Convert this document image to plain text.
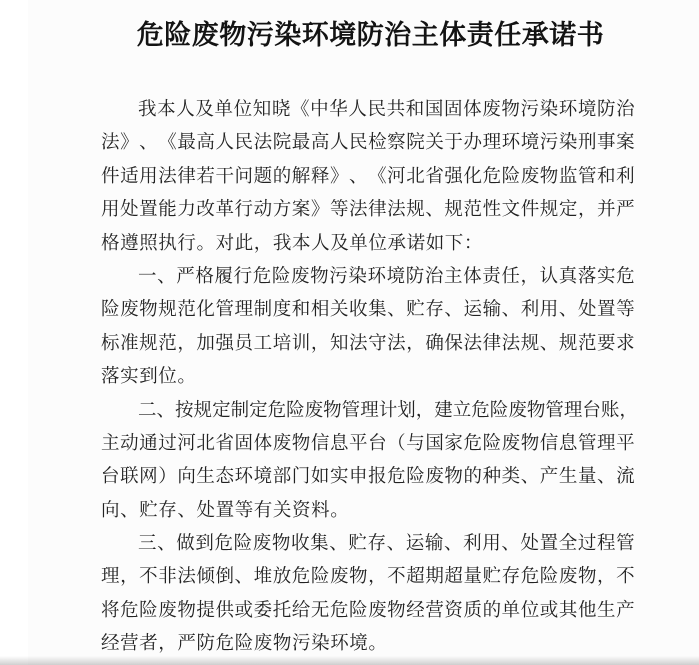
危险废物污染环境防治主体责任承诺书
我 本 人 及 单 位 知 晓 《 中 华 人 民 共 和 国 固 体 废 物 污 染 环 境 防 治
法 》 、 《 最 高 人 民 法 院 最 高 人 民 检 察 院 关 于 办 理 环 境 污 染 刑 事 案
件 适 用 法 律 若 干 问 题 的 解 释 》 、 《 河 北 省 强 化 危 险 废 物 监 管 和 利
用 处 置 能 力 改 革 行 动 方 案 》 等 法 律 法 规 、 规 范 性 文 件 规 定 ， 并 严
格遵照执行。对此，我本人及单位承诺如下：
一 、 严 格 履 行 危 险 废 物 污 染 环 境 防 治 主 体 责 任 ， 认 真 落 实 危
险 废 物 规 范 化 管 理 制 度 和 相 关 收 集 、 贮 存 、 运 输 、 利 用 、 处 置 等
标 准 规 范 ， 加 强 员 工 培 训 ， 知 法 守 法 ， 确 保 法 律 法 规 、 规 范 要 求
落实到位。
二 、 按 规 定 制 定 危 险 废 物 管 理 计 划 ， 建 立 危 险 废 物 管 理 台 账 ，
主 动 通 过 河 北 省 固 体 废 物 信 息 平 台 （ 与 国 家 危 险 废 物 信 息 管 理 平
台 联 网 ） 向 生 态 环 境 部 门 如 实 申 报 危 险 废 物 的 种 类 、 产 生 量 、 流
向、贮存、处置等有关资料。
三 、 做 到 危 险 废 物 收 集 、 贮 存 、 运 输 、 利 用 、 处 置 全 过 程 管
理 ， 不 非 法 倾 倒 、 堆 放 危 险 废 物 ， 不 超 期 超 量 贮 存 危 险 废 物 ， 不
将 危 险 废 物 提 供 或 委 托 给 无 危 险 废 物 经 营 资 质 的 单 位 或 其 他 生 产
经营者，严防危险废物污染环境。
